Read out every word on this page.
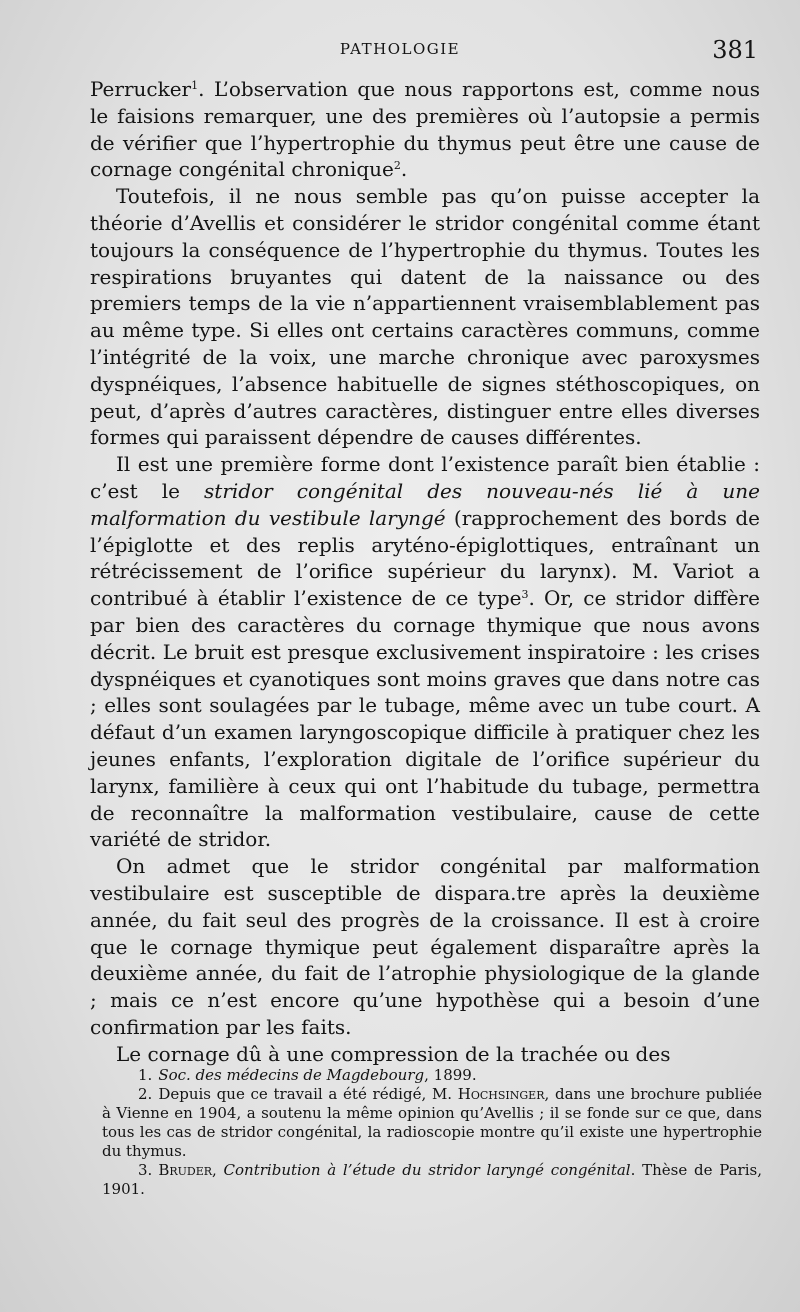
PATHOLOGIE	381

Perrucker$^1$. L’observation que nous rapportons est, comme nous le faisions remarquer, une des premières où l’autopsie a permis de vérifier que l’hypertrophie du thymus peut être une cause de cornage congénital chronique$^2$.

Toutefois, il ne nous semble pas qu’on puisse accepter la théorie d’Avellis et considérer le stridor congénital comme étant toujours la conséquence de l’hypertrophie du thymus. Toutes les respirations bruyantes qui datent de la naissance ou des premiers temps de la vie n’appartiennent vraisemblablement pas au même type. Si elles ont certains caractères communs, comme l’intégrité de la voix, une marche chronique avec paroxysmes dyspnéiques, l’absence habituelle de signes stéthoscopiques, on peut, d’après d’autres caractères, distinguer entre elles diverses formes qui paraissent dépendre de causes différentes.

Il est une première forme dont l’existence paraît bien établie : c’est le stridor congénital des nouveau-nés lié à une malformation du vestibule laryngé (rapprochement des bords de l’épiglotte et des replis aryténo-épiglottiques, entraînant un rétrécissement de l’orifice supérieur du larynx). M. Variot a contribué à établir l’existence de ce type$^3$. Or, ce stridor diffère par bien des caractères du cornage thymique que nous avons décrit. Le bruit est presque exclusivement inspiratoire : les crises dyspnéiques et cyanotiques sont moins graves que dans notre cas ; elles sont soulagées par le tubage, même avec un tube court. A défaut d’un examen laryngoscopique difficile à pratiquer chez les jeunes enfants, l’exploration digitale de l’orifice supérieur du larynx, familière à ceux qui ont l’habitude du tubage, permettra de reconnaître la malformation vestibulaire, cause de cette variété de stridor.

On admet que le stridor congénital par malformation vestibulaire est susceptible de dispara.tre après la deuxième année, du fait seul des progrès de la croissance. Il est à croire que le cornage thymique peut également disparaître après la deuxième année, du fait de l’atrophie physiologique de la glande ; mais ce n’est encore qu’une hypothèse qui a besoin d’une confirmation par les faits.

Le cornage dû à une compression de la trachée ou des

1. Soc. des médecins de Magdebourg, 1899.

2. Depuis que ce travail a été rédigé, M. Hochsinger, dans une brochure publiée à Vienne en 1904, a soutenu la même opinion qu’Avellis ; il se fonde sur ce que, dans tous les cas de stridor congénital, la radioscopie montre qu’il existe une hypertrophie du thymus.

3. Bruder, Contribution à l’étude du stridor laryngé congénital. Thèse de Paris, 1901.
